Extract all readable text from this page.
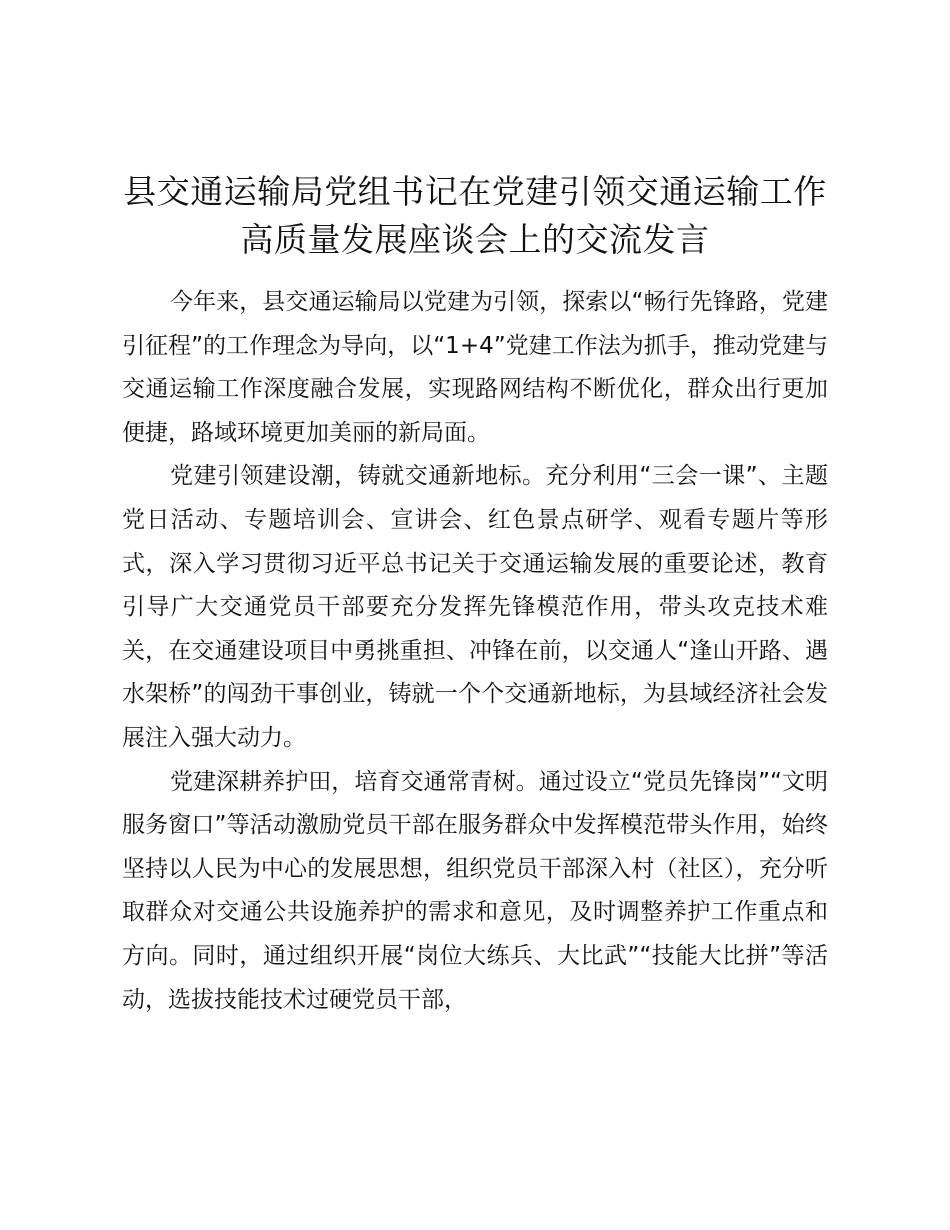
县交通运输局党组书记在党建引领交通运输工作高质量发展座谈会上的交流发言

今年来，县交通运输局以党建为引领，探索以“畅行先锋路，党建引征程”的工作理念为导向，以“1+4”党建工作法为抓手，推动党建与交通运输工作深度融合发展，实现路网结构不断优化，群众出行更加便捷，路域环境更加美丽的新局面。

党建引领建设潮，铸就交通新地标。充分利用“三会一课”、主题党日活动、专题培训会、宣讲会、红色景点研学、观看专题片等形式，深入学习贯彻习近平总书记关于交通运输发展的重要论述，教育引导广大交通党员干部要充分发挥先锋模范作用，带头攻克技术难关，在交通建设项目中勇挑重担、冲锋在前，以交通人“逢山开路、遇水架桥”的闯劲干事创业，铸就一个个交通新地标，为县域经济社会发展注入强大动力。

党建深耕养护田，培育交通常青树。通过设立“党员先锋岗”“文明服务窗口”等活动激励党员干部在服务群众中发挥模范带头作用，始终坚持以人民为中心的发展思想，组织党员干部深入村（社区），充分听取群众对交通公共设施养护的需求和意见，及时调整养护工作重点和方向。同时，通过组织开展“岗位大练兵、大比武”“技能大比拼”等活动，选拔技能技术过硬党员干部，
